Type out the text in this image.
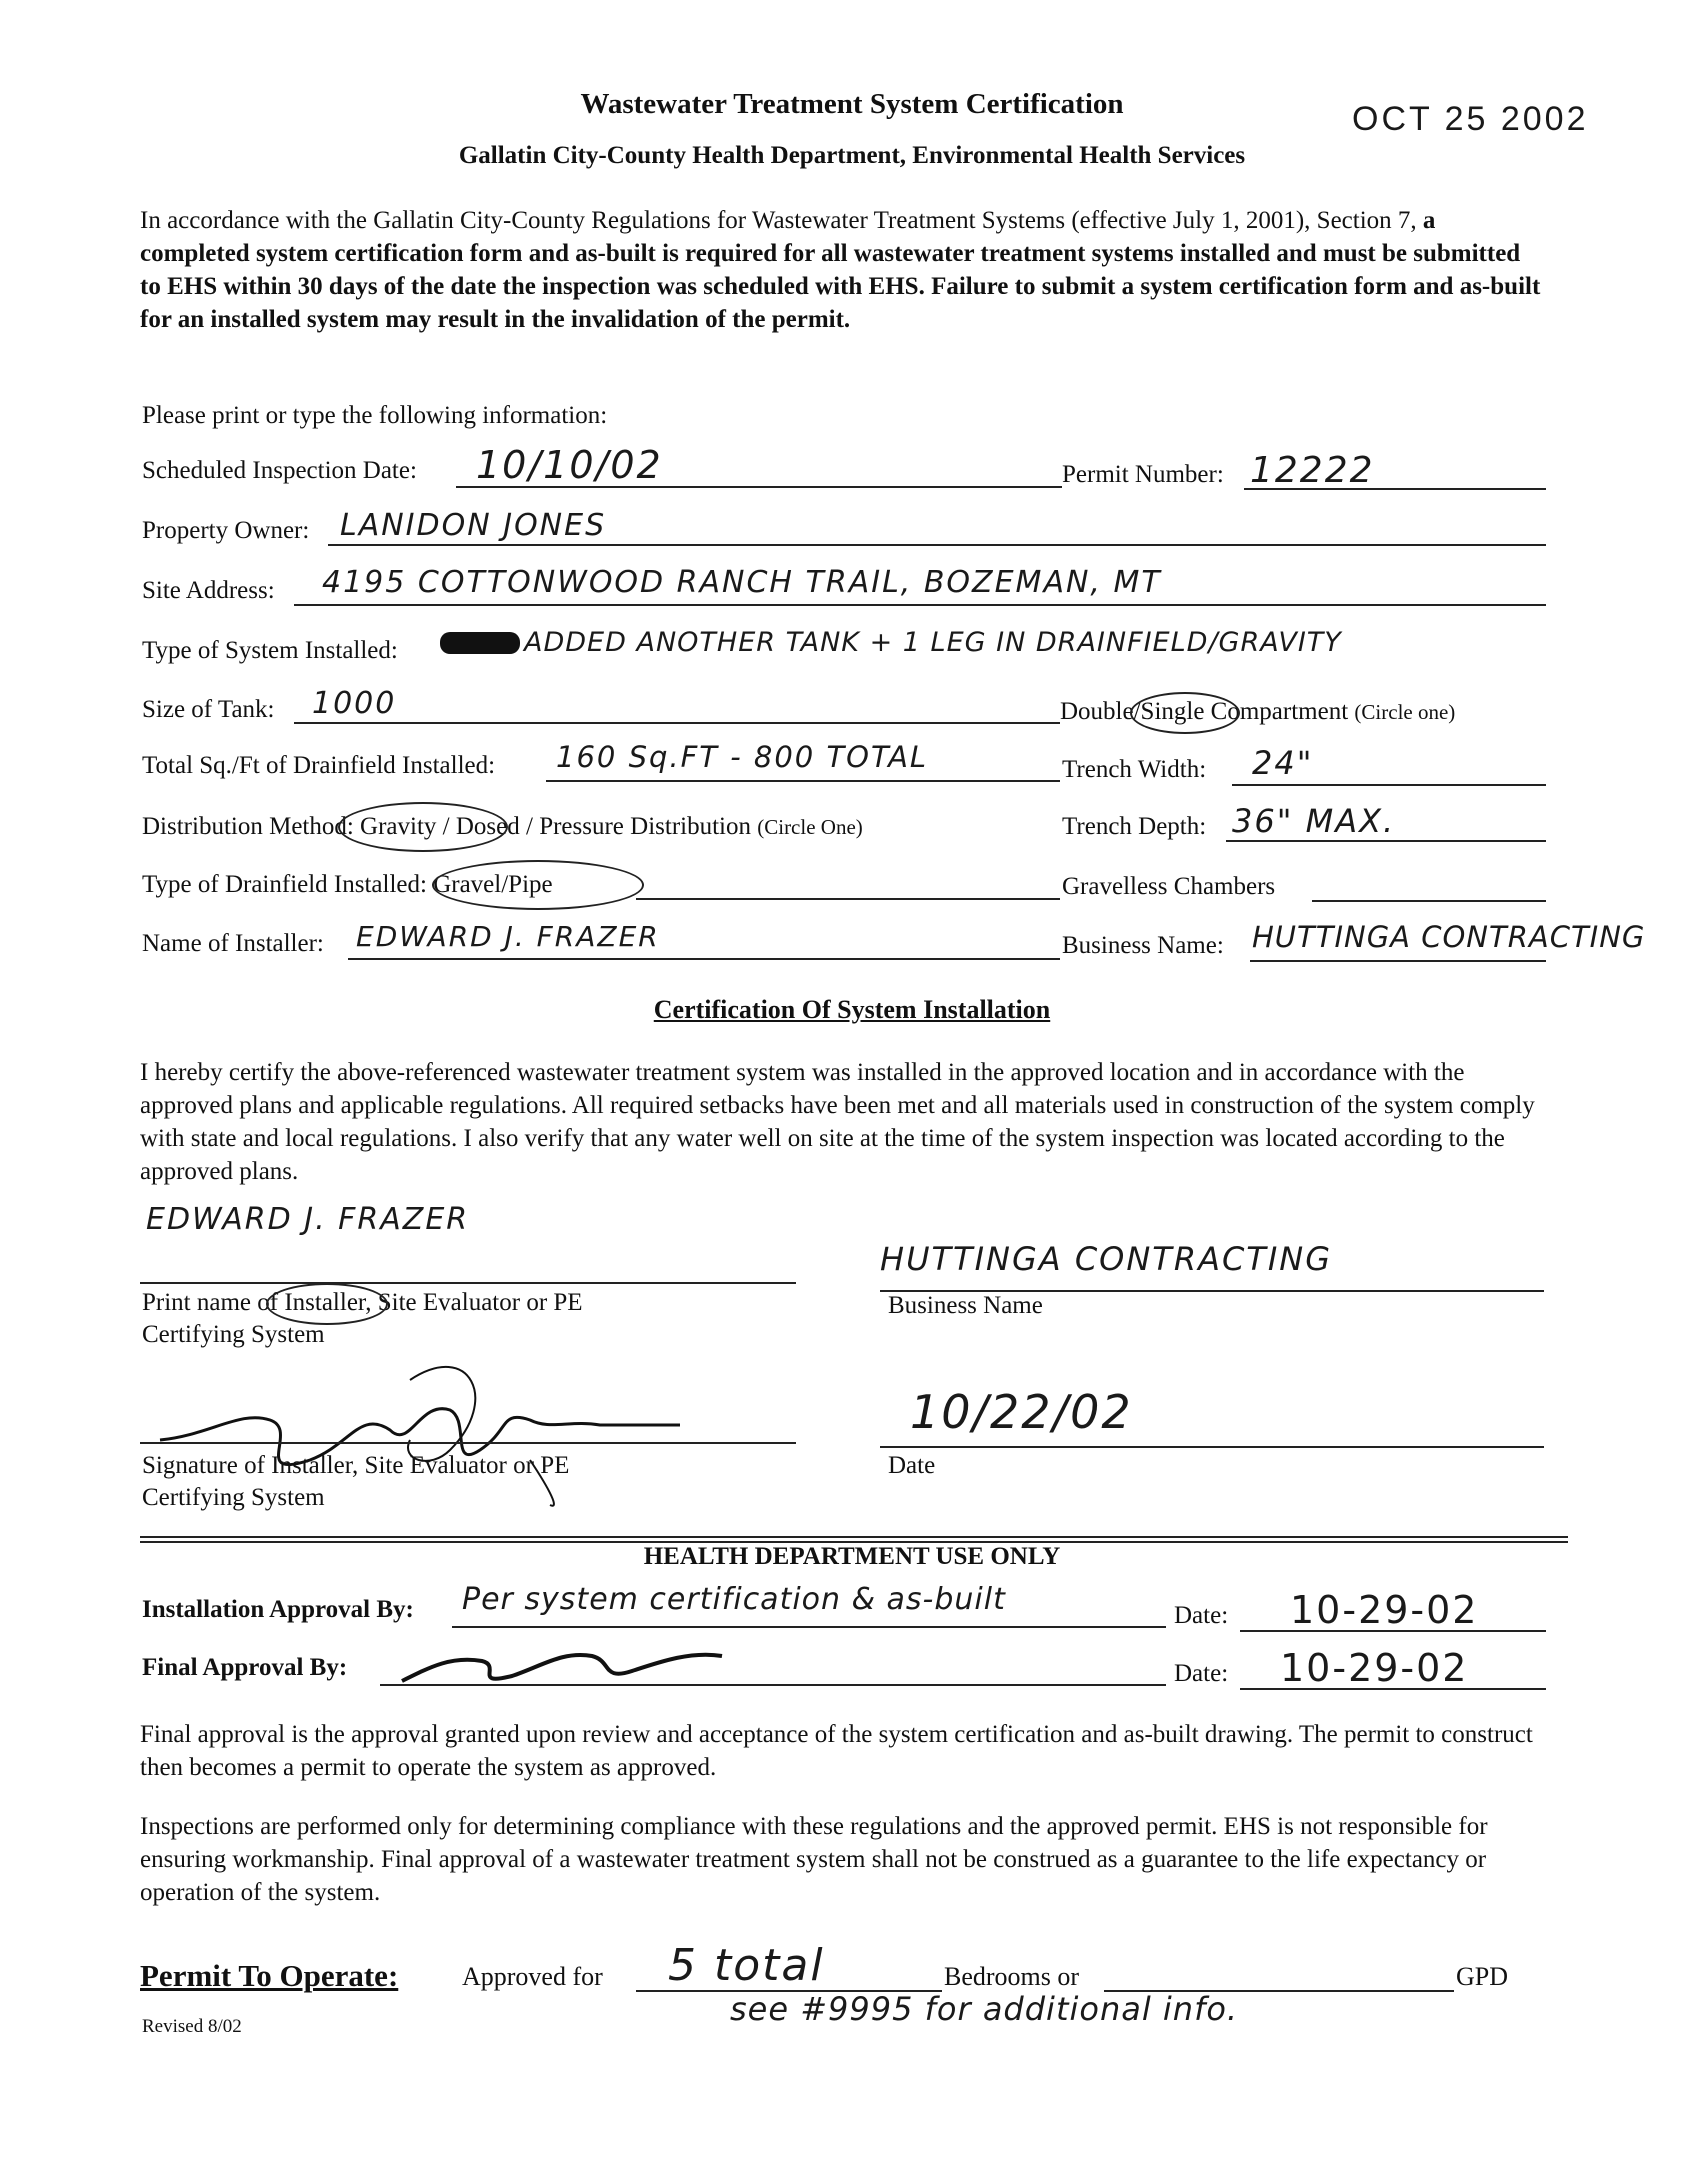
Wastewater Treatment System Certification	OCT 25 2002
Gallatin City-County Health Department, Environmental Health Services
In accordance with the Gallatin City-County Regulations for Wastewater Treatment Systems (effective July 1, 2001), Section 7, a completed system certification form and as-built is required for all wastewater treatment systems installed and must be submitted to EHS within 30 days of the date the inspection was scheduled with EHS. Failure to submit a system certification form and as-built for an installed system may result in the invalidation of the permit.
Please print or type the following information:
Scheduled Inspection Date: 10/10/02	Permit Number: 12222
Property Owner: LANIDON JONES
Site Address: 4195 COTTONWOOD RANCH TRAIL, BOZEMAN, MT
Type of System Installed:	ADDED ANOTHER TANK + 1 LEG IN DRAINFIELD/GRAVITY
Size of Tank: 1000	Double/Single Compartment (Circle one)
Total Sq./Ft of Drainfield Installed: 160 Sq.FT - 800 TOTAL	Trench Width: 24"
Distribution Method: Gravity / Dosed / Pressure Distribution (Circle One)	Trench Depth: 36" MAX.
Type of Drainfield Installed: Gravel/Pipe	Gravelless Chambers
Name of Installer: EDWARD J. FRAZER	Business Name: HUTTINGA CONTRACTING
Certification Of System Installation
I hereby certify the above-referenced wastewater treatment system was installed in the approved location and in accordance with the approved plans and applicable regulations. All required setbacks have been met and all materials used in construction of the system comply with state and local regulations. I also verify that any water well on site at the time of the system inspection was located according to the approved plans.
EDWARD J. FRAZER
Print name of Installer, Site Evaluator or PE
Certifying System
HUTTINGA CONTRACTING
Business Name
Signature of Installer, Site Evaluator or PE
Certifying System
10/22/02
Date
HEALTH DEPARTMENT USE ONLY
Installation Approval By: Per system certification & as-built	Date: 10-29-02
Final Approval By:	Date: 10-29-02
Final approval is the approval granted upon review and acceptance of the system certification and as-built drawing. The permit to construct then becomes a permit to operate the system as approved.
Inspections are performed only for determining compliance with these regulations and the approved permit. EHS is not responsible for ensuring workmanship. Final approval of a wastewater treatment system shall not be construed as a guarantee to the life expectancy or operation of the system.
Permit To Operate: Approved for 5 total	Bedrooms or	GPD
see #9995 for additional info.
Revised 8/02
